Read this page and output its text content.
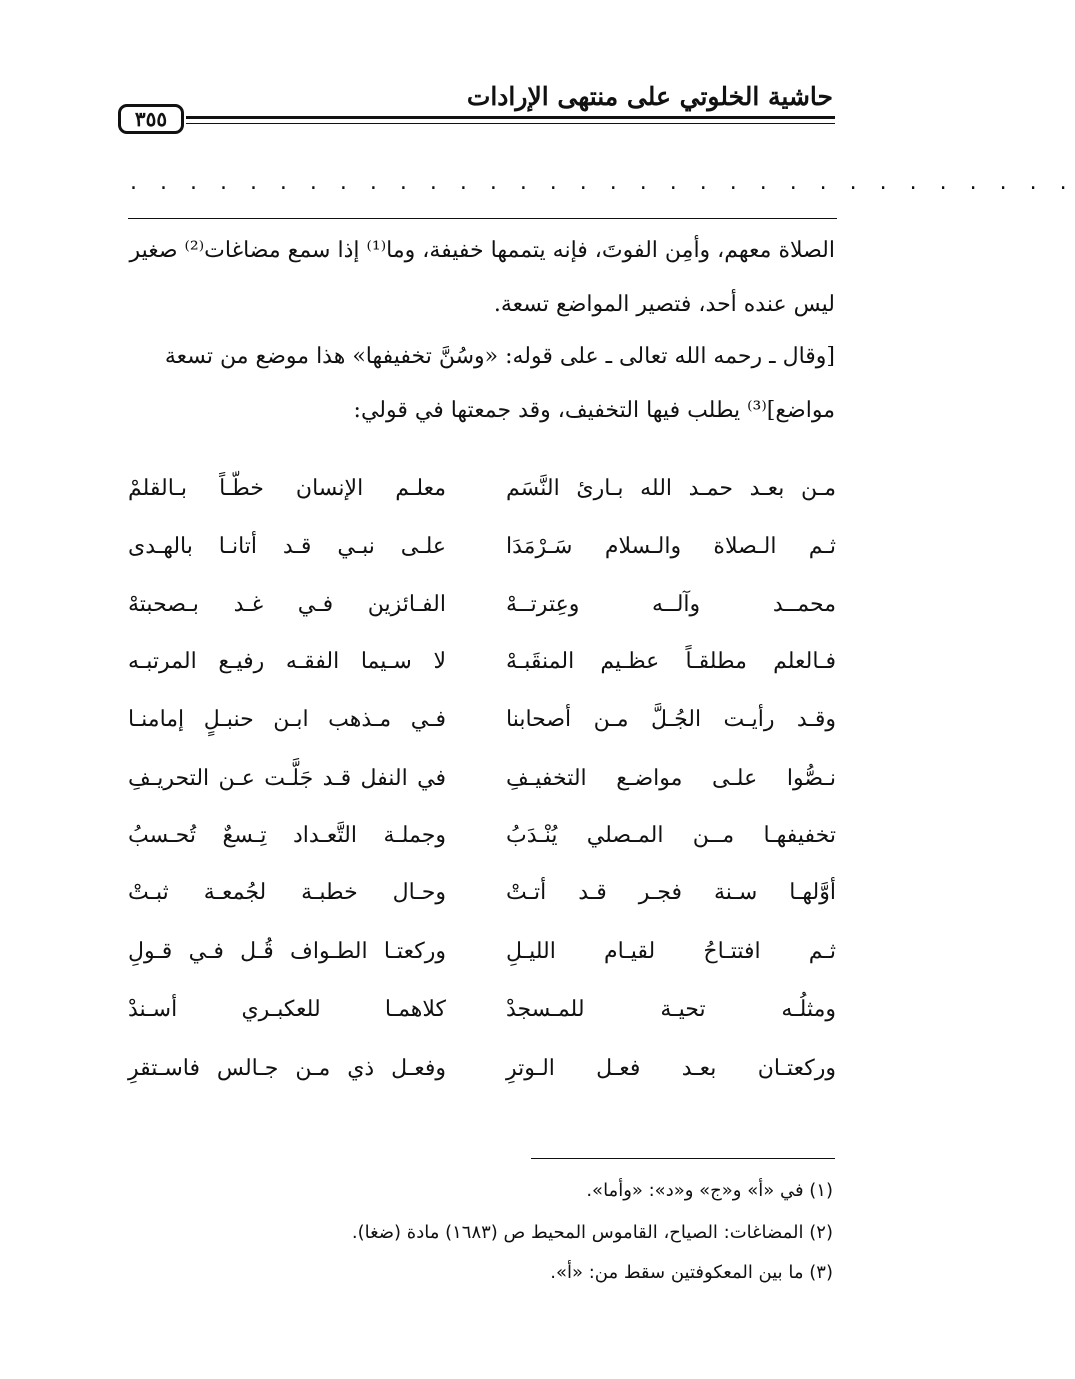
حاشية الخلوتي على منتهى الإرادات
٣٥٥
. . . . . . . . . . . . . . . . . . . . . . . . . . . . . . . .
الصلاة معهم، وأمِن الفوتَ، فإنه يتممها خفيفة، وما⁽¹⁾ إذا سمع مضاغات⁽²⁾ صغير
ليس عنده أحد، فتصير المواضع تسعة.
[وقال ـ رحمه الله تعالى ـ على قوله: «وسُنَّ تخفيفها» هذا موضع من تسعة
مواضع]⁽³⁾ يطلب فيها التخفيف، وقد جمعتها في قولي:
مـن بعـد حمـد الله بـارئ النَّسَم
معلـم الإنسان خطّـاً بـالقلمْ
ثـم الـصلاة والـسلام سَـرْمَدَا
علـى نبـي قـد أتانـا بالهـدى
محمــد وآلــه وعِترتــهْ
الفـائزين فـي غـد بـصحبتهْ
فـالعلم مطلقـاً عظـيم المنقَبـهْ
لا سـيما الفقـه رفيـع المرتبـه
وقـد رأيـت الجُـلَّ مـن أصحابنا
فـي مـذهب ابـن حنبـلٍ إمامنـا
نـصُّوا علـى مواضـع التخفيـفِ
في النفل قـد جَلَّـت عـن التحريـفِ
تخفيفهـا مــن المـصلي يُنْـدَبُ
وجملـة التَّعـداد تِـسعٌ تُحـسبُ
أوَّلهـا سـنة فجـر قـد أتـتْ
وحـال خطبـة لجُمعـة ثبـتْ
ثـم افتتـاحُ لقيـام الليـلِ
وركعتـا الطـواف قُـل فـي قـولِ
ومثلُـه تحيـة للمـسجدْ
كلاهمـا للعكبـري أسـندْ
وركعتـان بعـد فعـل الـوترِ
وفعـل ذي مـن جـالس فاسـتقرِ
(١) في «أ» و«ج» و«د»: «وأما».
(٢) المضاغات: الصياح، القاموس المحيط ص (١٦٨٣) مادة (ضغا).
(٣) ما بين المعكوفتين سقط من: «أ».
